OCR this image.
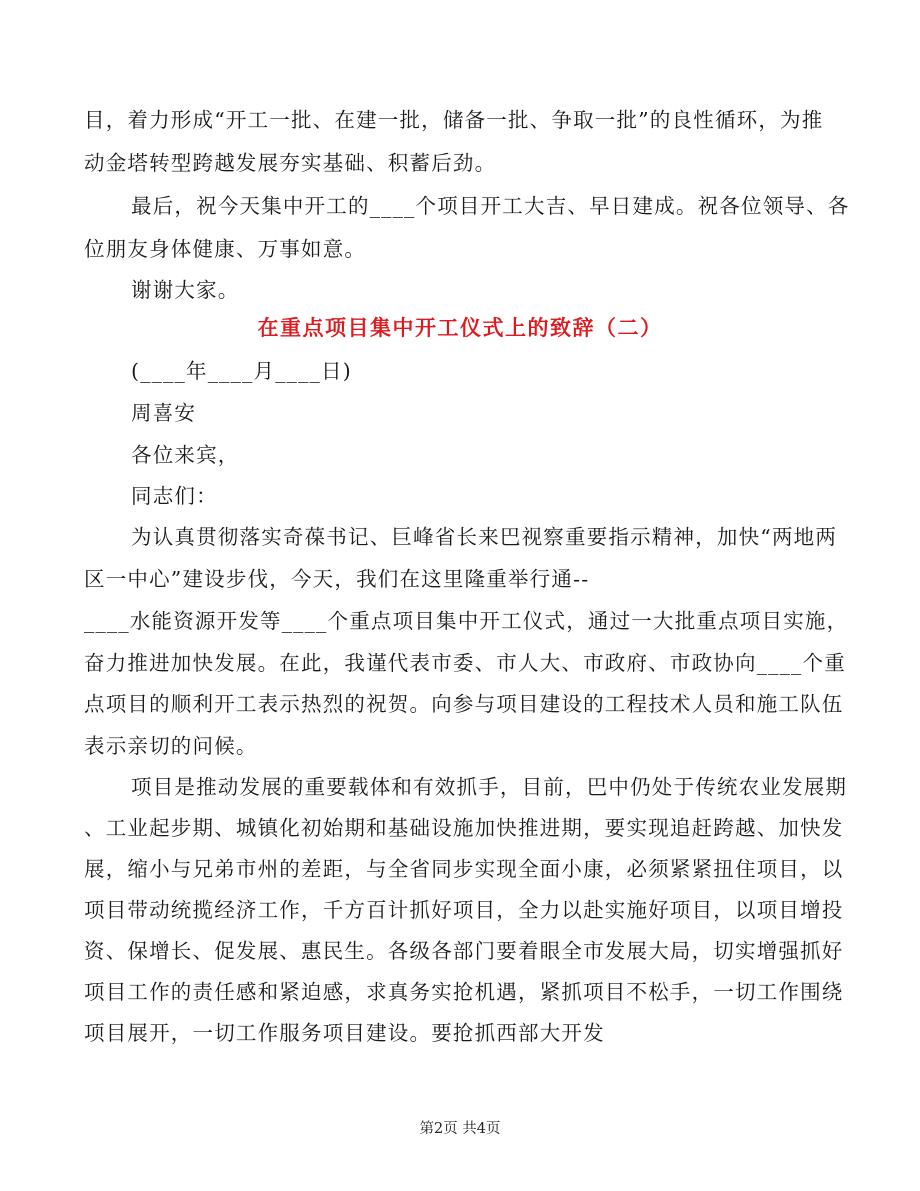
目，着力形成“开工一批、在建一批，储备一批、争取一批”的良性循环，为推
动金塔转型跨越发展夯实基础、积蓄后劲。
最后，祝今天集中开工的____个项目开工大吉、早日建成。祝各位领导、各
位朋友身体健康、万事如意。
谢谢大家。
在重点项目集中开工仪式上的致辞（二）
(____年____月____日)
周喜安
各位来宾，
同志们：
为认真贯彻落实奇葆书记、巨峰省长来巴视察重要指示精神，加快“两地两
区一中心”建设步伐，今天，我们在这里隆重举行通--
____水能资源开发等____个重点项目集中开工仪式，通过一大批重点项目实施，
奋力推进加快发展。在此，我谨代表市委、市人大、市政府、市政协向____个重
点项目的顺利开工表示热烈的祝贺。向参与项目建设的工程技术人员和施工队伍
表示亲切的问候。
项目是推动发展的重要载体和有效抓手，目前，巴中仍处于传统农业发展期
、工业起步期、城镇化初始期和基础设施加快推进期，要实现追赶跨越、加快发
展，缩小与兄弟市州的差距，与全省同步实现全面小康，必须紧紧扭住项目，以
项目带动统揽经济工作，千方百计抓好项目，全力以赴实施好项目，以项目增投
资、保增长、促发展、惠民生。各级各部门要着眼全市发展大局，切实增强抓好
项目工作的责任感和紧迫感，求真务实抢机遇，紧抓项目不松手，一切工作围绕
项目展开，一切工作服务项目建设。要抢抓西部大开发
第2页 共4页
